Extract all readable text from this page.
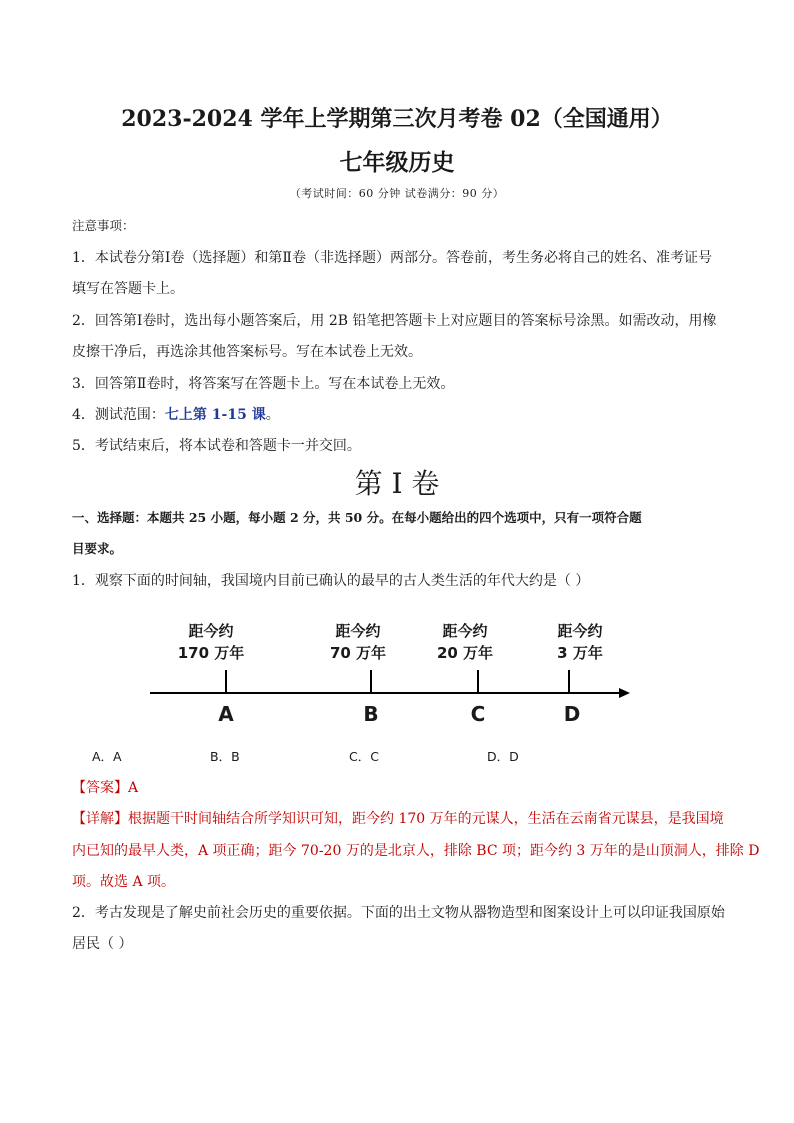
2023-2024 学年上学期第三次月考卷 02（全国通用）
七年级历史
（考试时间：60 分钟 试卷满分：90 分）
注意事项：
1．本试卷分第Ⅰ卷（选择题）和第Ⅱ卷（非选择题）两部分。答卷前，考生务必将自己的姓名、准考证号
填写在答题卡上。
2．回答第Ⅰ卷时，选出每小题答案后，用 2B 铅笔把答题卡上对应题目的答案标号涂黑。如需改动，用橡
皮擦干净后，再选涂其他答案标号。写在本试卷上无效。
3．回答第Ⅱ卷时，将答案写在答题卡上。写在本试卷上无效。
4．测试范围：七上第 1-15 课。
5．考试结束后，将本试卷和答题卡一并交回。
第 I 卷
一、选择题：本题共 25 小题，每小题 2 分，共 50 分。在每小题给出的四个选项中，只有一项符合题
目要求。
1．观察下面的时间轴，我国境内目前已确认的最早的古人类生活的年代大约是（ ）
距今约
170 万年
距今约
70 万年
距今约
20 万年
距今约
3 万年
A	B	C	D
A．A	B．B	C．C	D．D
【答案】A
【详解】根据题干时间轴结合所学知识可知，距今约 170 万年的元谋人，生活在云南省元谋县，是我国境
内已知的最早人类，A 项正确；距今 70-20 万的是北京人，排除 BC 项；距今约 3 万年的是山顶洞人，排除 D
项。故选 A 项。
2．考古发现是了解史前社会历史的重要依据。下面的出土文物从器物造型和图案设计上可以印证我国原始
居民（ ）
